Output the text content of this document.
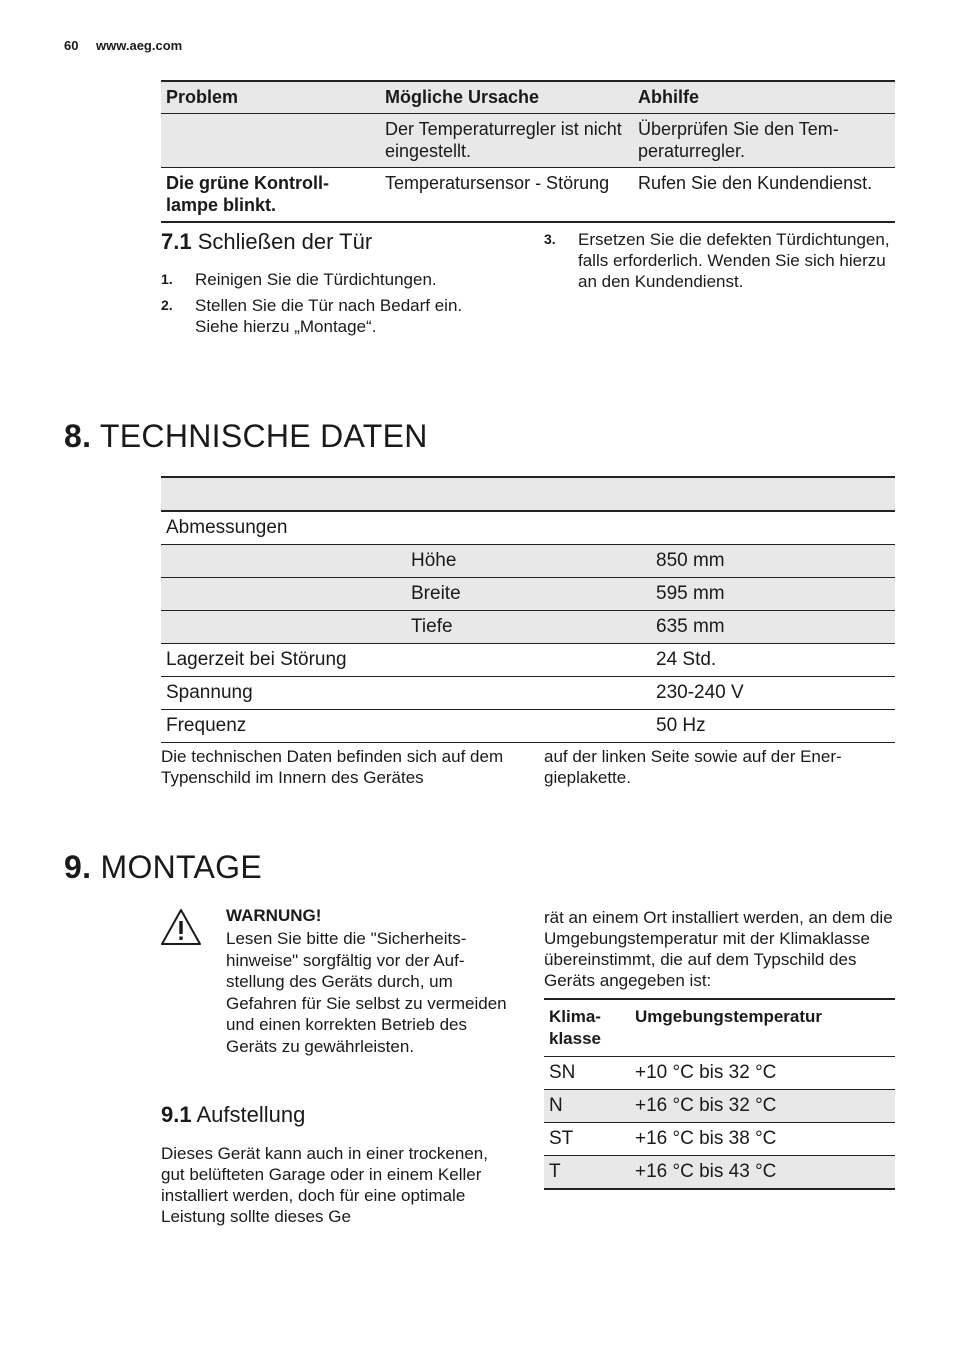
60 www.aeg.com
Problem	Mögliche Ursache	Abhilfe
	Der Temperaturregler ist nicht eingestellt.	Überprüfen Sie den Temperaturregler.
Die grüne Kontrolllampe blinkt.	Temperatursensor - Störung	Rufen Sie den Kundendienst.
7.1 Schließen der Tür
1. Reinigen Sie die Türdichtungen.
2. Stellen Sie die Tür nach Bedarf ein. Siehe hierzu „Montage“.
3. Ersetzen Sie die defekten Türdichtungen, falls erforderlich. Wenden Sie sich hierzu an den Kundendienst.
8. TECHNISCHE DATEN

Abmessungen		
	Höhe	850 mm
	Breite	595 mm
	Tiefe	635 mm
Lagerzeit bei Störung		24 Std.
Spannung		230-240 V
Frequenz		50 Hz
Die technischen Daten befinden sich auf dem Typenschild im Innern des Gerätes
auf der linken Seite sowie auf der Energieplakette.
9. MONTAGE
WARNUNG!
Lesen Sie bitte die "Sicherheitshinweise" sorgfältig vor der Aufstellung des Geräts durch, um Gefahren für Sie selbst zu vermeiden und einen korrekten Betrieb des Geräts zu gewährleisten.
9.1 Aufstellung
Dieses Gerät kann auch in einer trockenen, gut belüfteten Garage oder in einem Keller installiert werden, doch für eine optimale Leistung sollte dieses Ge
rät an einem Ort installiert werden, an dem die Umgebungstemperatur mit der Klimaklasse übereinstimmt, die auf dem Typschild des Geräts angegeben ist:
Klimaklasse	Umgebungstemperatur
SN	+10 °C bis 32 °C
N	+16 °C bis 32 °C
ST	+16 °C bis 38 °C
T	+16 °C bis 43 °C
